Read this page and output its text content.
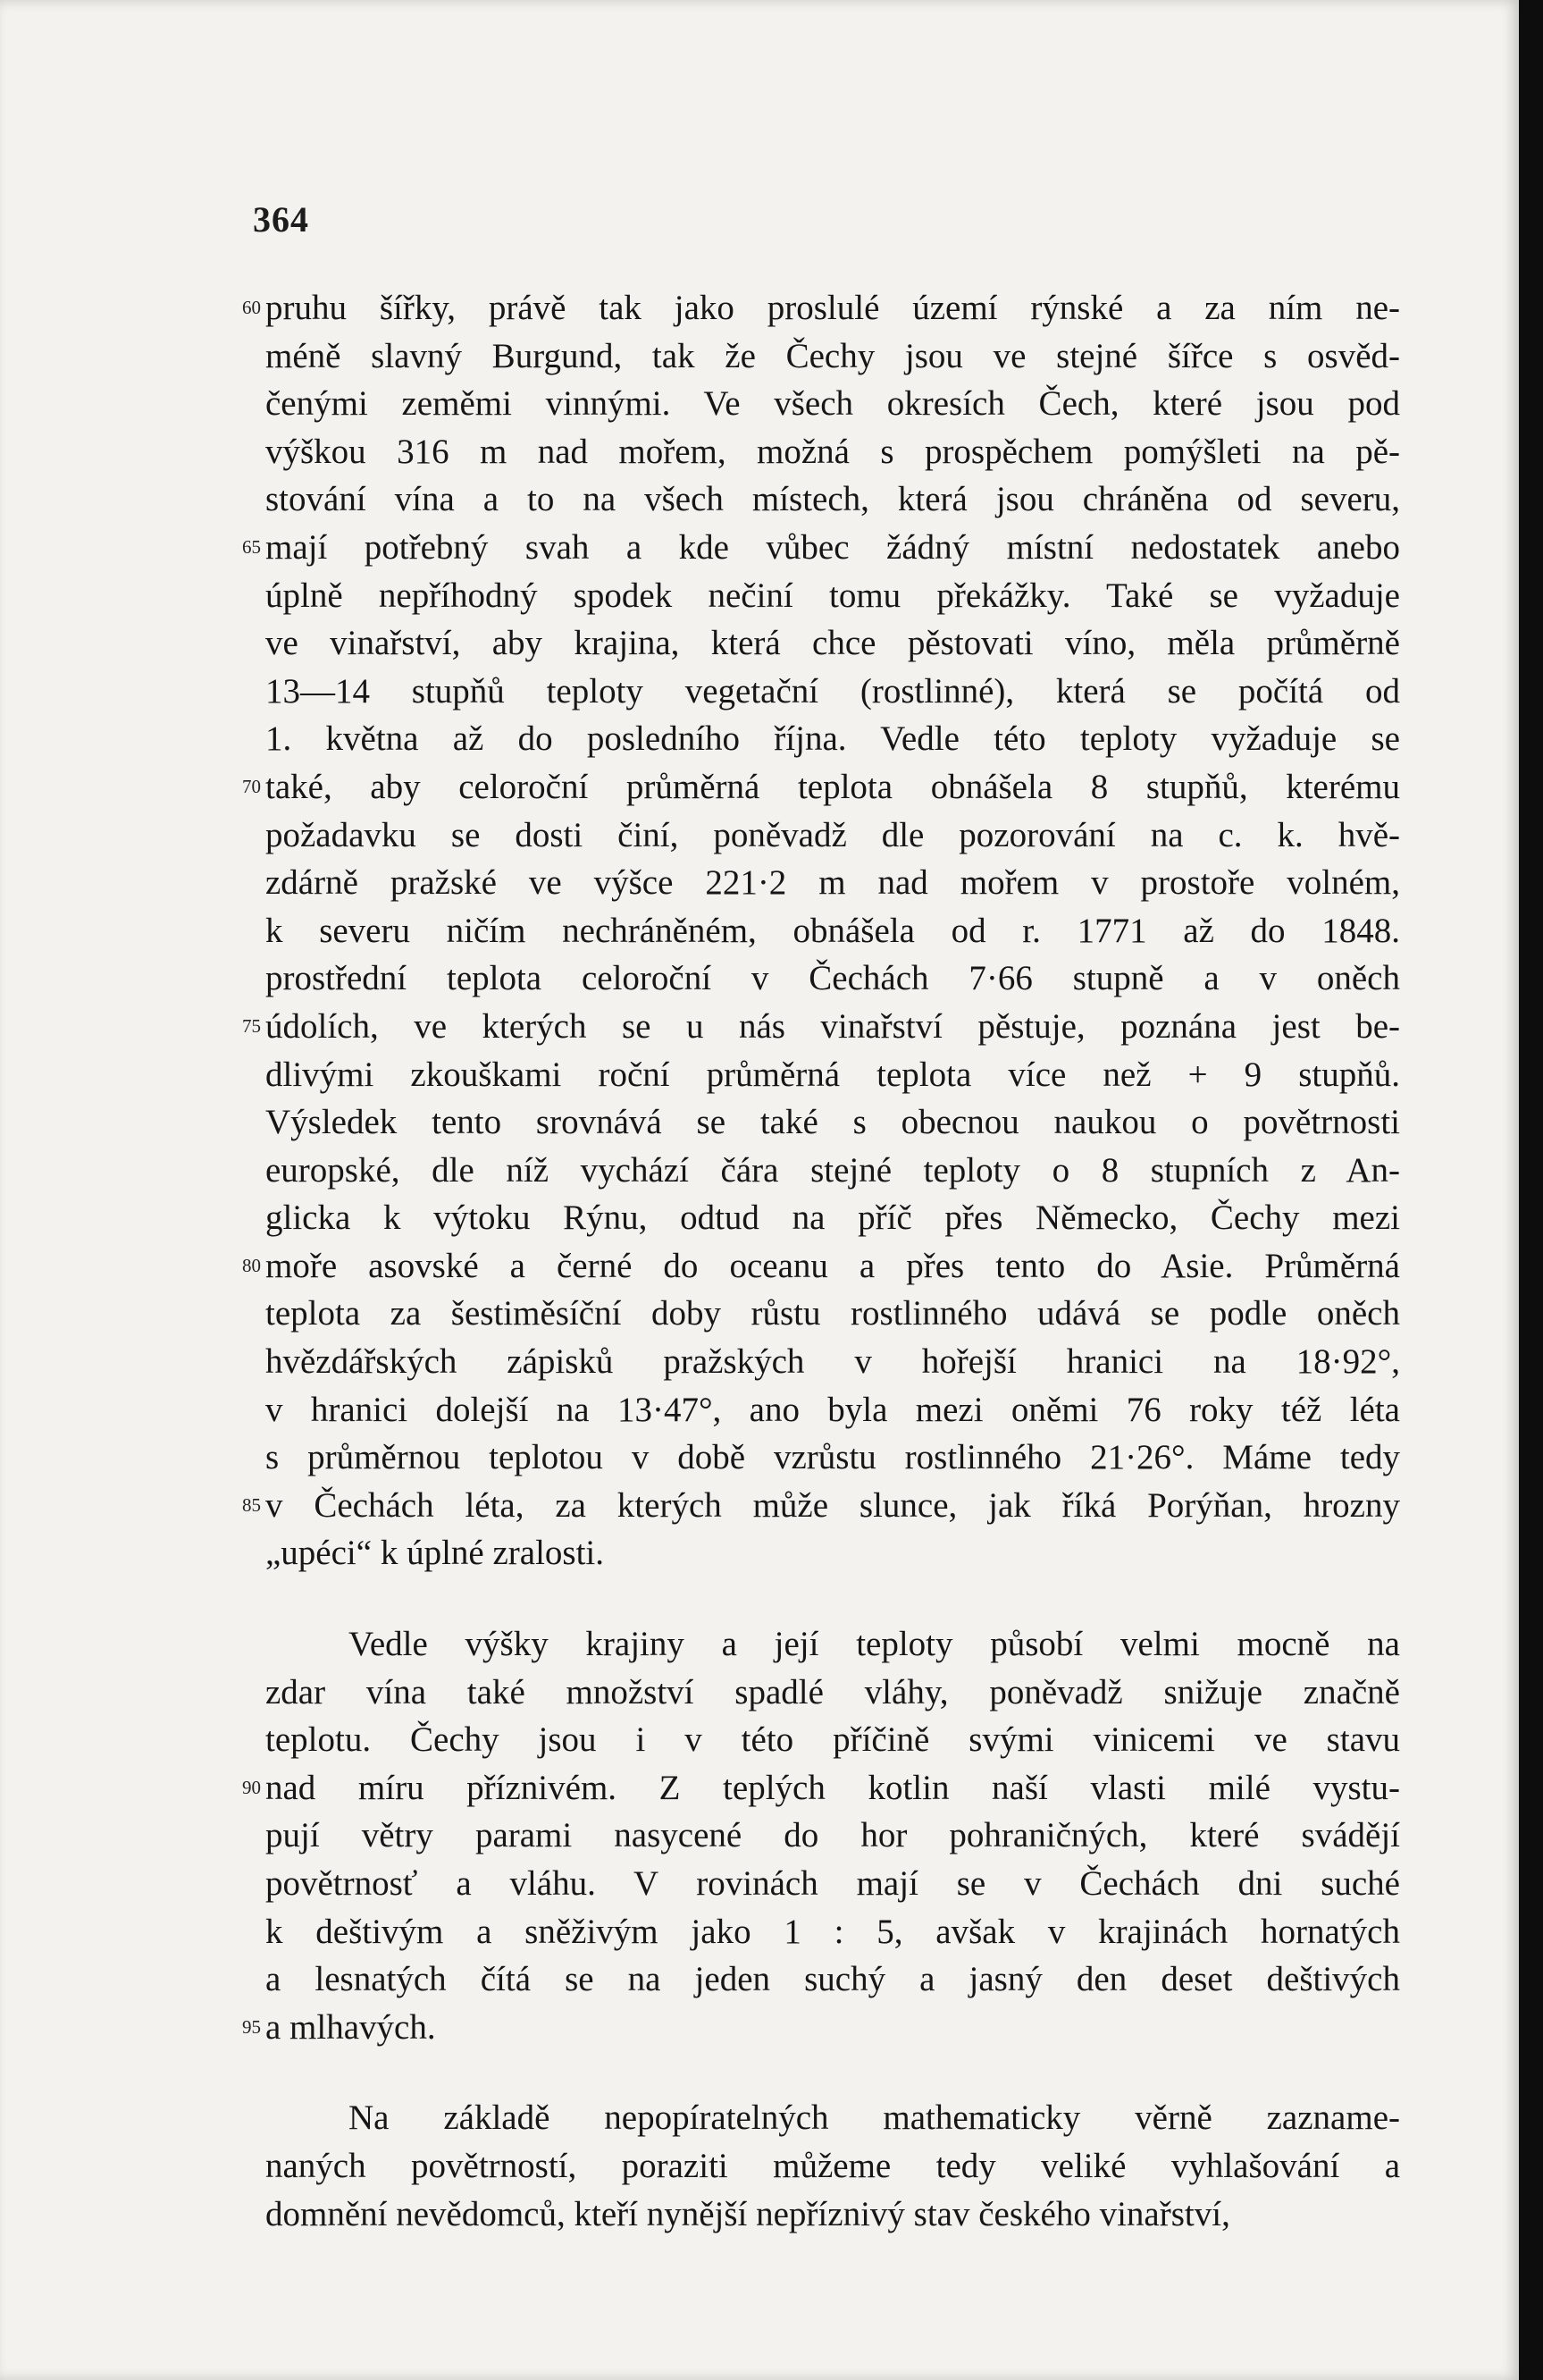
364
60 pruhu šířky, právě tak jako proslulé území rýnské a za ním ne-
méně slavný Burgund, tak že Čechy jsou ve stejné šířce s osvěd-
čenými zeměmi vinnými. Ve všech okresích Čech, které jsou pod
výškou 316 m nad mořem, možná s prospěchem pomýšleti na pě-
stování vína a to na všech místech, která jsou chráněna od severu,
65 mají potřebný svah a kde vůbec žádný místní nedostatek anebo
úplně nepříhodný spodek nečiní tomu překážky. Také se vyžaduje
ve vinařství, aby krajina, která chce pěstovati víno, měla průměrně
13—14 stupňů teploty vegetační (rostlinné), která se počítá od
1. května až do posledního října. Vedle této teploty vyžaduje se
70 také, aby celoroční průměrná teplota obnášela 8 stupňů, kterému
požadavku se dosti činí, poněvadž dle pozorování na c. k. hvě-
zdárně pražské ve výšce 221·2 m nad mořem v prostoře volném,
k severu ničím nechráněném, obnášela od r. 1771 až do 1848.
prostřední teplota celoroční v Čechách 7·66 stupně a v oněch
75 údolích, ve kterých se u nás vinařství pěstuje, poznána jest be-
dlivými zkouškami roční průměrná teplota více než + 9 stupňů.
Výsledek tento srovnává se také s obecnou naukou o povětrnosti
europské, dle níž vychází čára stejné teploty o 8 stupních z An-
glicka k výtoku Rýnu, odtud na příč přes Německo, Čechy mezi
80 moře asovské a černé do oceanu a přes tento do Asie. Průměrná
teplota za šestiměsíční doby růstu rostlinného udává se podle oněch
hvězdářských zápisků pražských v hořejší hranici na 18·92°,
v hranici dolejší na 13·47°, ano byla mezi oněmi 76 roky též léta
s průměrnou teplotou v době vzrůstu rostlinného 21·26°. Máme tedy
85 v Čechách léta, za kterých může slunce, jak říká Porýňan, hrozny
„upéci“ k úplné zralosti.
Vedle výšky krajiny a její teploty působí velmi mocně na
zdar vína také množství spadlé vláhy, poněvadž snižuje značně
teplotu. Čechy jsou i v této příčině svými vinicemi ve stavu
90 nad míru příznivém. Z teplých kotlin naší vlasti milé vystu-
pují větry parami nasycené do hor pohraničných, které svádějí
povětrnosť a vláhu. V rovinách mají se v Čechách dni suché
k deštivým a sněživým jako 1 : 5, avšak v krajinách hornatých
a lesnatých čítá se na jeden suchý a jasný den deset deštivých
95 a mlhavých.
Na základě nepopíratelných mathematicky věrně zazname-
naných povětrností, poraziti můžeme tedy veliké vyhlašování a
domnění nevědomců, kteří nynější nepříznivý stav českého vinařství,
